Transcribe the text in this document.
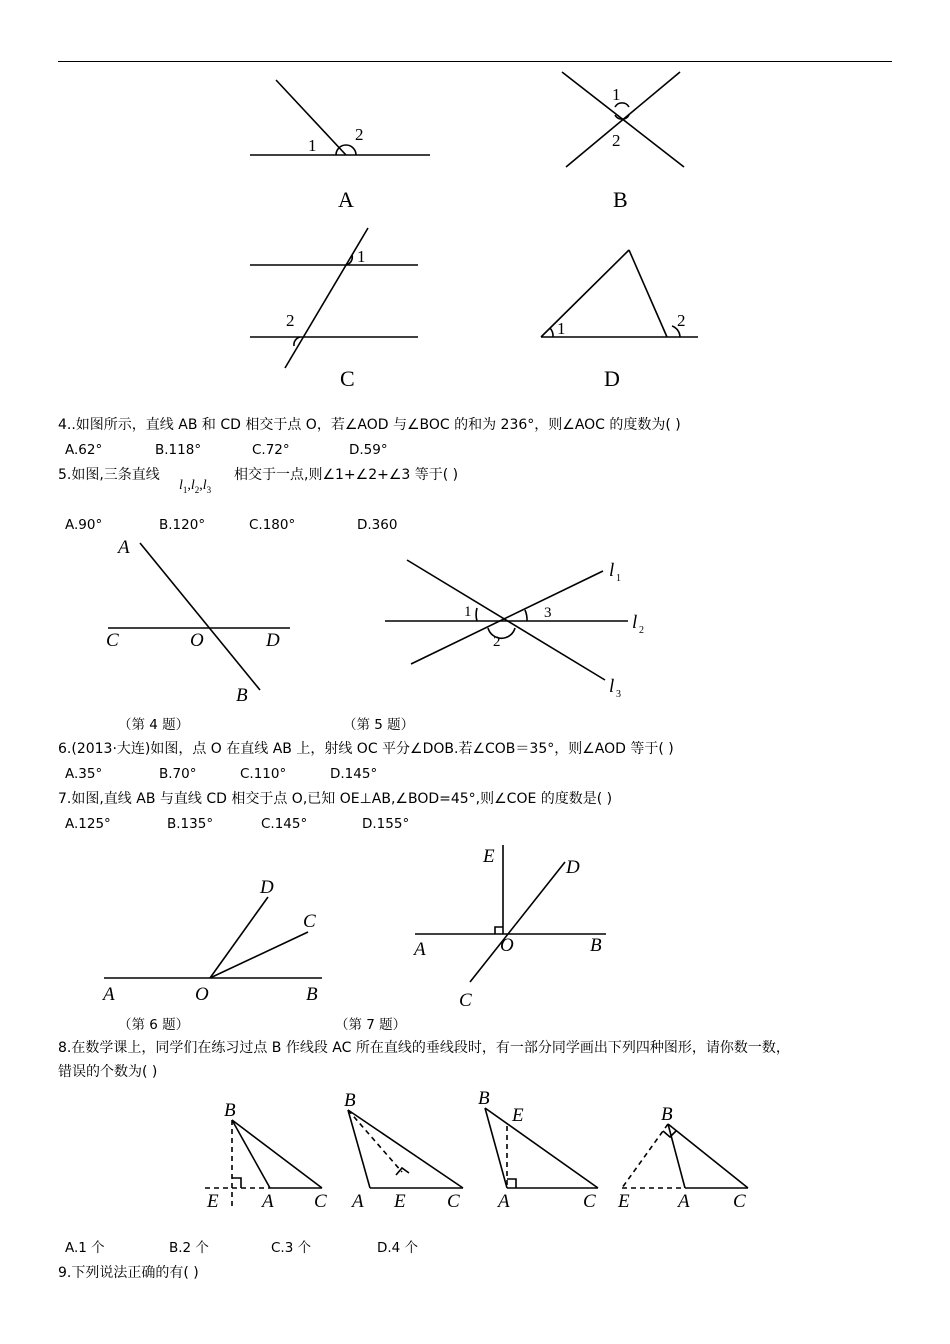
1
2
A
1
2
B
1
2
C
1	2
D
4..如图所示，直线 AB 和 CD 相交于点 O，若∠AOD 与∠BOC 的和为 236°，则∠AOC 的度数为( )
A.62°	B.118°	C.72°	D.59°
5.如图,三条直线
$l_1,l_2,l_3$
相交于一点,则∠1+∠2+∠3 等于( )
A.90°	B.120°	C.180°	D.360
A
C	O	D
B
1
2
3
l 1
l 2
l 3
（第 4 题）	（第 5 题）
6.(2013·大连)如图，点 O 在直线 AB 上，射线 OC 平分∠DOB.若∠COB＝35°，则∠AOD 等于( )
A.35°	B.70°	C.110°	D.145°
7.如图,直线 AB 与直线 CD 相交于点 O,已知 OE⊥AB,∠BOD=45°,则∠COE 的度数是( )
A.125°	B.135°	C.145°	D.155°
A	O	B
D
C
E
D
A	O	B
C
（第 6 题）	（第 7 题）
8.在数学课上，同学们在练习过点 B 作线段 AC 所在直线的垂线段时，有一部分同学画出下列四种图形，请你数一数，
错误的个数为( )
B
E A C
B
A E C
B
E
A	C
B
E	A C
A.1 个	B.2 个	C.3 个	D.4 个
9.下列说法正确的有( )
